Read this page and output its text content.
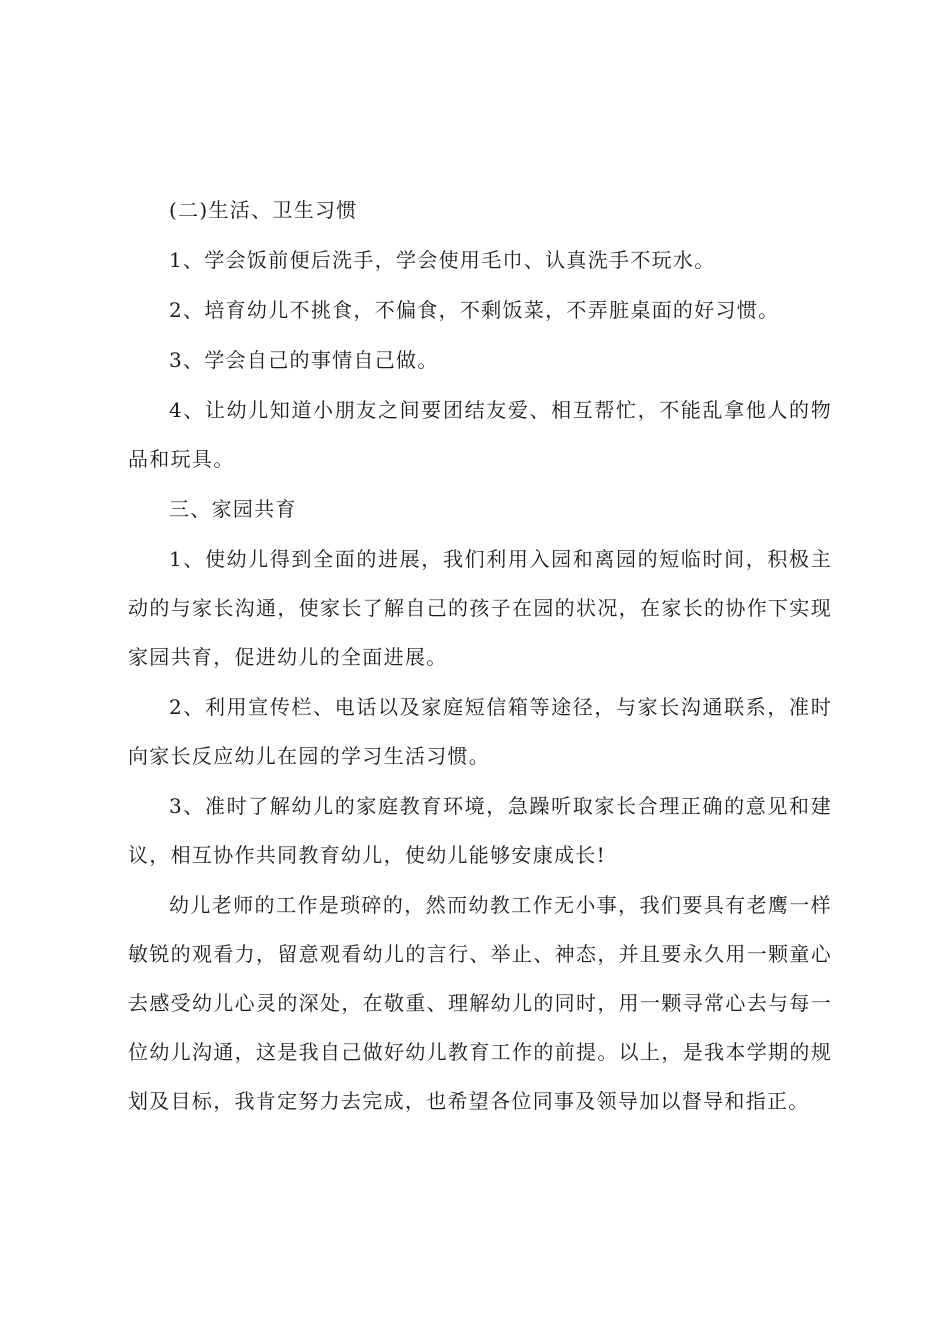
(二)生活、卫生习惯

1、学会饭前便后洗手，学会使用毛巾、认真洗手不玩水。

2、培育幼儿不挑食，不偏食，不剩饭菜，不弄脏桌面的好习惯。

3、学会自己的事情自己做。

4、让幼儿知道小朋友之间要团结友爱、相互帮忙，不能乱拿他人的物品和玩具。

三、家园共育

1、使幼儿得到全面的进展，我们利用入园和离园的短临时间，积极主动的与家长沟通，使家长了解自己的孩子在园的状况，在家长的协作下实现家园共育，促进幼儿的全面进展。

2、利用宣传栏、电话以及家庭短信箱等途径，与家长沟通联系，准时向家长反应幼儿在园的学习生活习惯。

3、准时了解幼儿的家庭教育环境，急躁听取家长合理正确的意见和建议，相互协作共同教育幼儿，使幼儿能够安康成长!

幼儿老师的工作是琐碎的，然而幼教工作无小事，我们要具有老鹰一样敏锐的观看力，留意观看幼儿的言行、举止、神态，并且要永久用一颗童心去感受幼儿心灵的深处，在敬重、理解幼儿的同时，用一颗寻常心去与每一位幼儿沟通，这是我自己做好幼儿教育工作的前提。以上，是我本学期的规划及目标，我肯定努力去完成，也希望各位同事及领导加以督导和指正。
